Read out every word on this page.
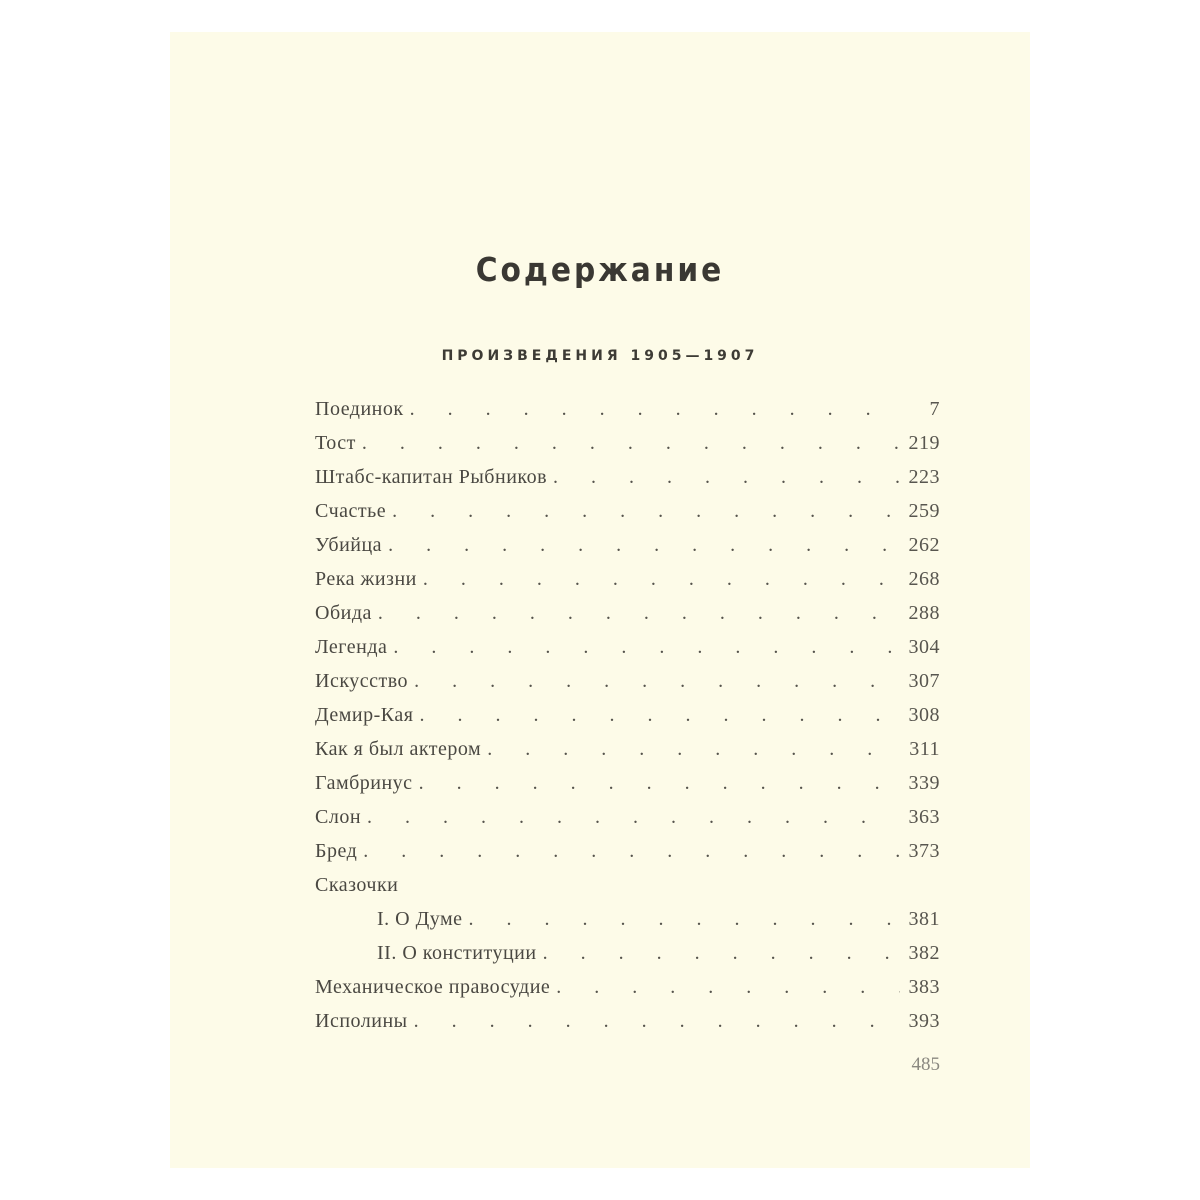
Содержание
ПРОИЗВЕДЕНИЯ 1905—1907
Поединок . . .	7
Тост . . .	219
Штабс-капитан Рыбников . . .	223
Счастье . . .	259
Убийца . . .	262
Река жизни . . .	268
Обида . . .	288
Легенда . . .	304
Искусство . . .	307
Демир-Кая . . .	308
Как я был актером . . .	311
Гамбринус . . .	339
Слон . . .	363
Бред . . .	373
Сказочки
I. О Думе . . .	381
II. О конституции . . .	382
Механическое правосудие . . .	383
Исполины . . .	393
485
